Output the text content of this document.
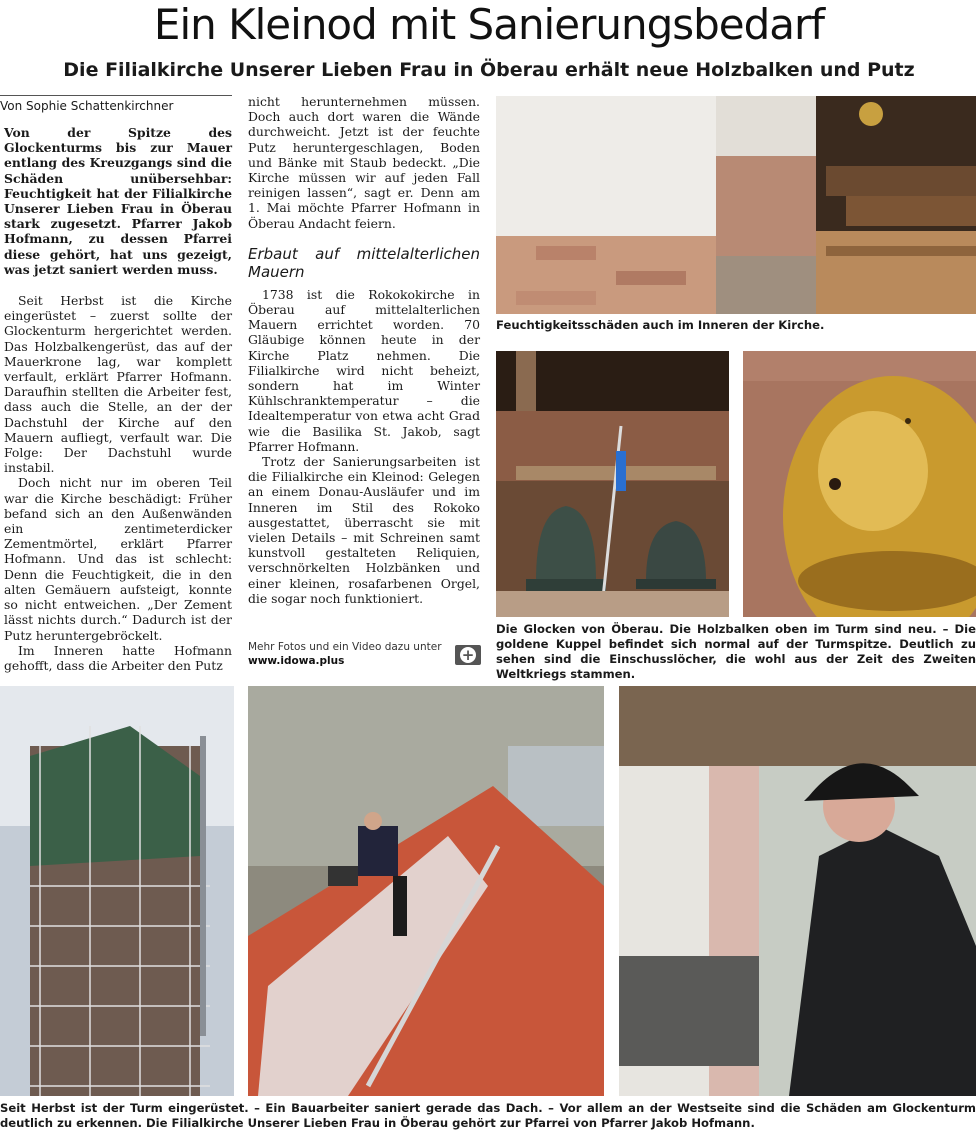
Ein Kleinod mit Sanierungsbedarf
Die Filialkirche Unserer Lieben Frau in Öberau erhält neue Holzbalken und Putz
Von Sophie Schattenkirchner

Von der Spitze des Glockenturms bis zur Mauer entlang des Kreuzgangs sind die Schäden unübersehbar: Feuchtigkeit hat der Filialkirche Unserer Lieben Frau in Öberau stark zugesetzt. Pfarrer Jakob Hofmann, zu dessen Pfarrei diese gehört, hat uns gezeigt, was jetzt saniert werden muss.

Seit Herbst ist die Kirche eingerüstet – zuerst sollte der Glockenturm hergerichtet werden. Das Holzbalkengerüst, das auf der Mauerkrone lag, war komplett verfault, erklärt Pfarrer Hofmann. Daraufhin stellten die Arbeiter fest, dass auch die Stelle, an der der Dachstuhl der Kirche auf den Mauern aufliegt, verfault war. Die Folge: Der Dachstuhl wurde instabil.

Doch nicht nur im oberen Teil war die Kirche beschädigt: Früher befand sich an den Außenwänden ein zentimeterdicker Zementmörtel, erklärt Pfarrer Hofmann. Und das ist schlecht: Denn die Feuchtigkeit, die in den alten Gemäuern aufsteigt, konnte so nicht entweichen. „Der Zement lässt nichts durch.“ Dadurch ist der Putz heruntergebröckelt.

Im Inneren hatte Hofmann gehofft, dass die Arbeiter den Putz

nicht herunternehmen müssen. Doch auch dort waren die Wände durchweicht. Jetzt ist der feuchte Putz heruntergeschlagen, Boden und Bänke mit Staub bedeckt. „Die Kirche müssen wir auf jeden Fall reinigen lassen“, sagt er. Denn am 1. Mai möchte Pfarrer Hofmann in Öberau Andacht feiern.

Erbaut auf mittelalterlichen Mauern

1738 ist die Rokokokirche in Öberau auf mittelalterlichen Mauern errichtet worden. 70 Gläubige können heute in der Kirche Platz nehmen. Die Filialkirche wird nicht beheizt, sondern hat im Winter Kühlschranktemperatur – die Idealtemperatur von etwa acht Grad wie die Basilika St. Jakob, sagt Pfarrer Hofmann.

Trotz der Sanierungsarbeiten ist die Filialkirche ein Kleinod: Gelegen an einem Donau-Ausläufer und im Inneren im Stil des Rokoko ausgestattet, überrascht sie mit vielen Details – mit Schreinen samt kunstvoll gestalteten Reliquien, verschnörkelten Holzbänken und einer kleinen, rosafarbenen Orgel, die sogar noch funktioniert.

Mehr Fotos und ein Video dazu unter
www.idowa.plus	+
Feuchtigkeitsschäden auch im Inneren der Kirche.
Die Glocken von Öberau. Die Holzbalken oben im Turm sind neu. – Die goldene Kuppel befindet sich normal auf der Turmspitze. Deutlich zu sehen sind die Einschusslöcher, die wohl aus der Zeit des Zweiten Weltkriegs stammen.
Seit Herbst ist der Turm eingerüstet. – Ein Bauarbeiter saniert gerade das Dach. – Vor allem an der Westseite sind die Schäden am Glockenturm deutlich zu erkennen. Die Filialkirche Unserer Lieben Frau in Öberau gehört zur Pfarrei von Pfarrer Jakob Hofmann.
